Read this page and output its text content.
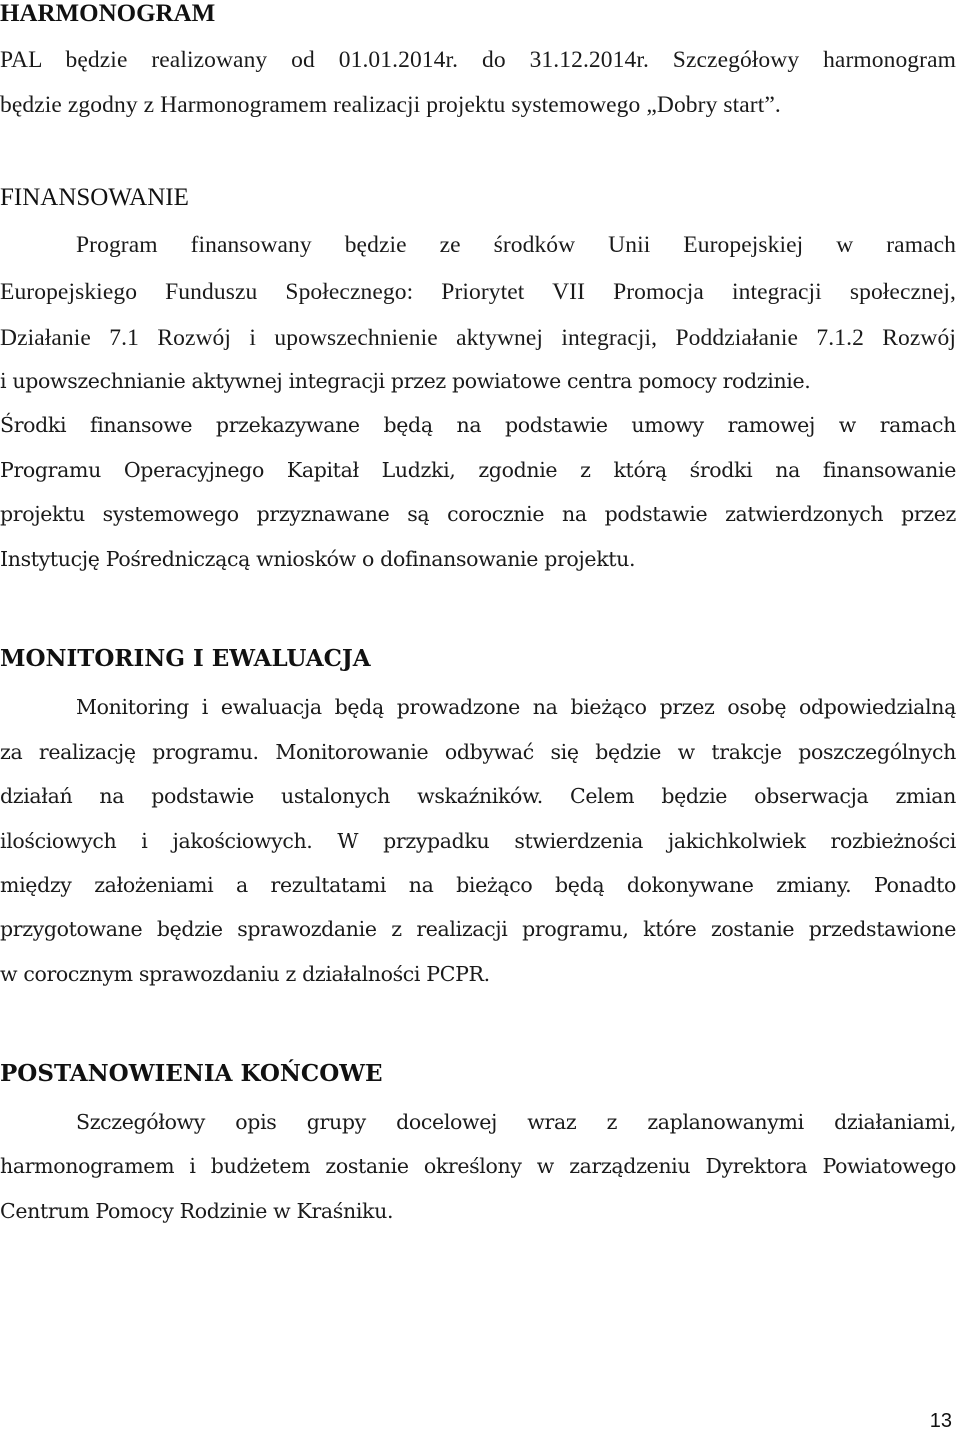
HARMONOGRAM

PAL będzie realizowany od 01.01.2014r. do 31.12.2014r. Szczegółowy harmonogram

będzie zgodny z Harmonogramem realizacji projektu systemowego „Dobry start”.

FINANSOWANIE

Program finansowany będzie ze środków Unii Europejskiej w ramach

Europejskiego Funduszu Społecznego: Priorytet VII Promocja integracji społecznej,

Działanie 7.1 Rozwój i upowszechnienie aktywnej integracji, Poddziałanie 7.1.2 Rozwój

i upowszechnianie aktywnej integracji przez powiatowe centra pomocy rodzinie.

Środki finansowe przekazywane będą na podstawie umowy ramowej w ramach

Programu Operacyjnego Kapitał Ludzki, zgodnie z którą środki na finansowanie

projektu systemowego przyznawane są corocznie na podstawie zatwierdzonych przez

Instytucję Pośredniczącą wniosków o dofinansowanie projektu.

MONITORING I EWALUACJA

Monitoring i ewaluacja będą prowadzone na bieżąco przez osobę odpowiedzialną

za realizację programu. Monitorowanie odbywać się będzie w trakcje poszczególnych

działań na podstawie ustalonych wskaźników. Celem będzie obserwacja zmian

ilościowych i jakościowych. W przypadku stwierdzenia jakichkolwiek rozbieżności

między założeniami a rezultatami na bieżąco będą dokonywane zmiany. Ponadto

przygotowane będzie sprawozdanie z realizacji programu, które zostanie przedstawione

w corocznym sprawozdaniu z działalności PCPR.

POSTANOWIENIA KOŃCOWE

Szczegółowy opis grupy docelowej wraz z zaplanowanymi działaniami,

harmonogramem i budżetem zostanie określony w zarządzeniu Dyrektora Powiatowego

Centrum Pomocy Rodzinie w Kraśniku.

13
